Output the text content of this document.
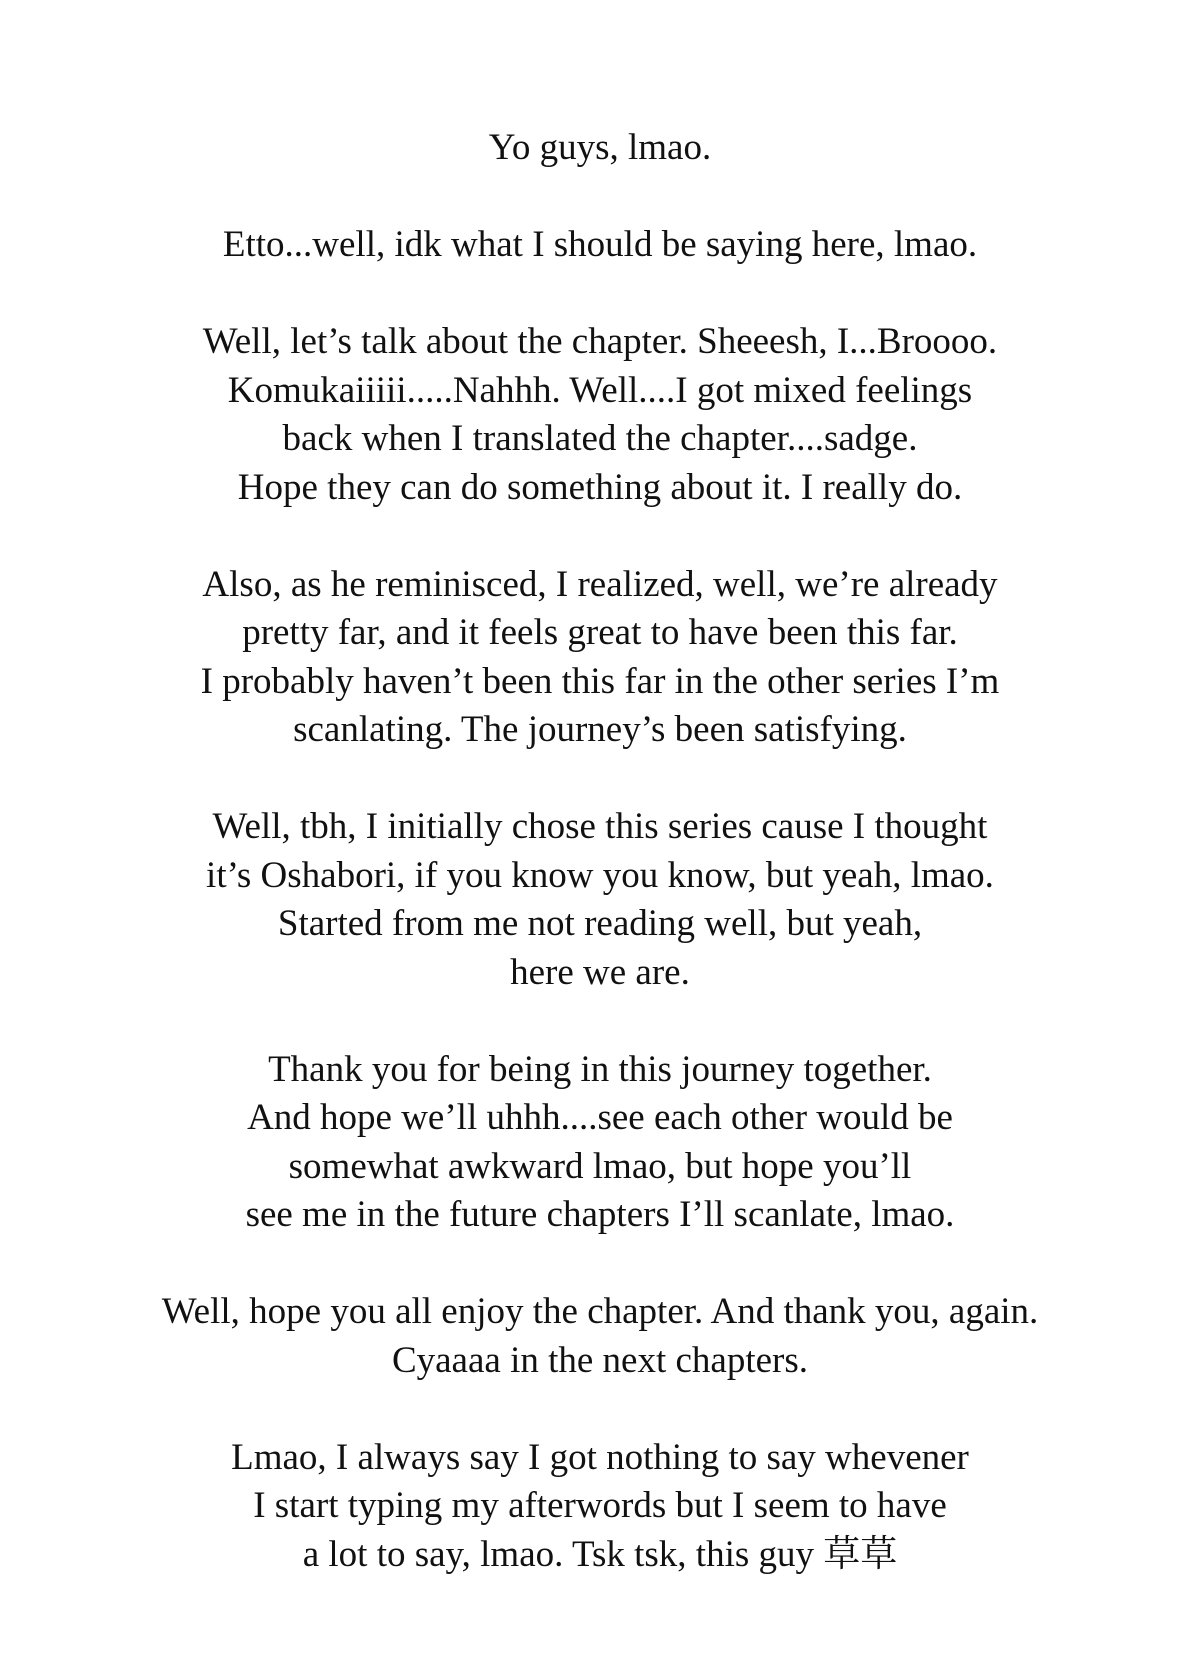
Yo guys, lmao.

Etto...well, idk what I should be saying here, lmao.

Well, let’s talk about the chapter. Sheeesh, I...Broooo.
Komukaiiiii.....Nahhh. Well....I got mixed feelings
back when I translated the chapter....sadge.
Hope they can do something about it. I really do.

Also, as he reminisced, I realized, well, we’re already
pretty far, and it feels great to have been this far.
I probably haven’t been this far in the other series I’m
scanlating. The journey’s been satisfying.

Well, tbh, I initially chose this series cause I thought
it’s Oshabori, if you know you know, but yeah, lmao.
Started from me not reading well, but yeah,
here we are.

Thank you for being in this journey together.
And hope we’ll uhhh....see each other would be
somewhat awkward lmao, but hope you’ll
see me in the future chapters I’ll scanlate, lmao.

Well, hope you all enjoy the chapter. And thank you, again.
Cyaaaa in the next chapters.

Lmao, I always say I got nothing to say whevener
I start typing my afterwords but I seem to have
a lot to say, lmao. Tsk tsk, this guy 草草
